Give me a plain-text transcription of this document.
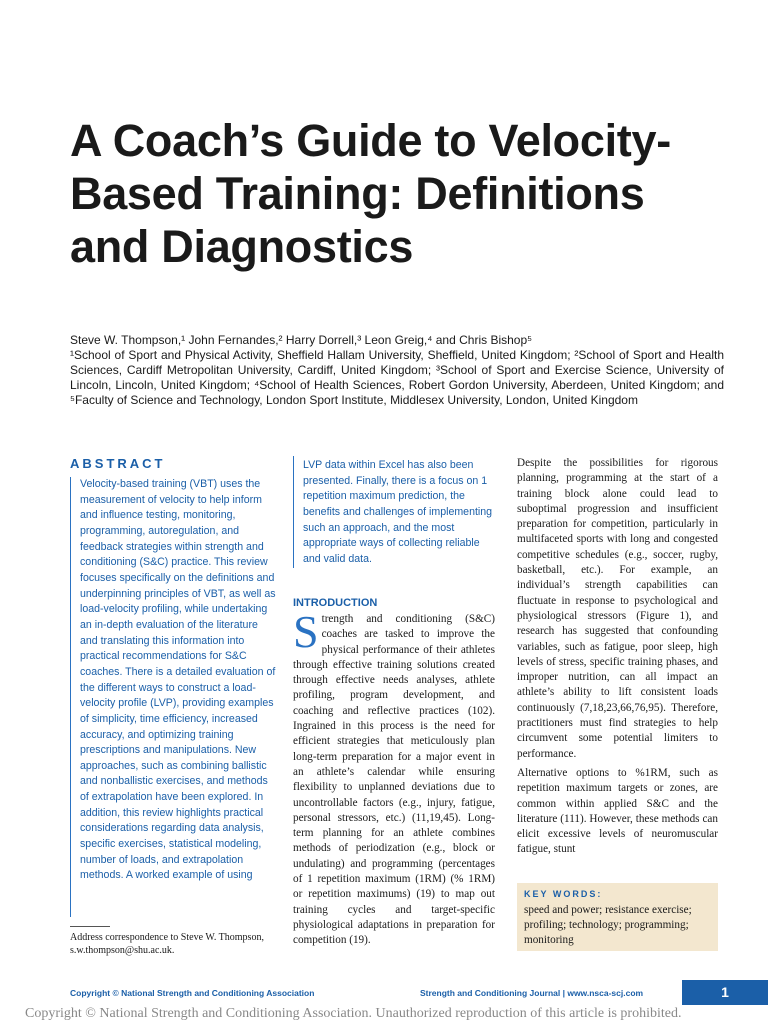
A Coach’s Guide to Velocity-Based Training: Definitions and Diagnostics
Steve W. Thompson,¹ John Fernandes,² Harry Dorrell,³ Leon Greig,⁴ and Chris Bishop⁵
¹School of Sport and Physical Activity, Sheffield Hallam University, Sheffield, United Kingdom; ²School of Sport and Health Sciences, Cardiff Metropolitan University, Cardiff, United Kingdom; ³School of Sport and Exercise Science, University of Lincoln, Lincoln, United Kingdom; ⁴School of Health Sciences, Robert Gordon University, Aberdeen, United Kingdom; and ⁵Faculty of Science and Technology, London Sport Institute, Middlesex University, London, United Kingdom
ABSTRACT
Velocity-based training (VBT) uses the measurement of velocity to help inform and influence testing, monitoring, programming, autoregulation, and feedback strategies within strength and conditioning (S&C) practice. This review focuses specifically on the definitions and underpinning principles of VBT, as well as load-velocity profiling, while undertaking an in-depth evaluation of the literature and translating this information into practical recommendations for S&C coaches. There is a detailed evaluation of the different ways to construct a load-velocity profile (LVP), providing examples of simplicity, time efficiency, increased accuracy, and optimizing training prescriptions and manipulations. New approaches, such as combining ballistic and nonballistic exercises, and methods of extrapolation have been explored. In addition, this review highlights practical considerations regarding data analysis, specific exercises, statistical modeling, number of loads, and extrapolation methods. A worked example of using
LVP data within Excel has also been presented. Finally, there is a focus on 1 repetition maximum prediction, the benefits and challenges of implementing such an approach, and the most appropriate ways of collecting reliable and valid data.
Address correspondence to Steve W. Thompson, s.w.thompson@shu.ac.uk.
INTRODUCTION
Strength and conditioning (S&C) coaches are tasked to improve the physical performance of their athletes through effective training solutions created through effective needs analyses, athlete profiling, program development, and coaching and reflective practices (102). Ingrained in this process is the need for efficient strategies that meticulously plan long-term preparation for a major event in an athlete’s calendar while ensuring flexibility to unplanned deviations due to uncontrollable factors (e.g., injury, fatigue, personal stressors, etc.) (11,19,45). Long-term planning for an athlete combines methods of periodization (e.g., block or undulating) and programming (percentages of 1 repetition maximum (1RM) (% 1RM) or repetition maximums) (19) to map out training cycles and target-specific physiological adaptations in preparation for competition (19).

Despite the possibilities for rigorous planning, programming at the start of a training block alone could lead to suboptimal progression and insufficient preparation for competition, particularly in multifaceted sports with long and congested competitive schedules (e.g., soccer, rugby, basketball, etc.). For example, an individual’s strength capabilities can fluctuate in response to psychological and physiological stressors (Figure 1), and research has suggested that confounding variables, such as fatigue, poor sleep, high levels of stress, specific training phases, and improper nutrition, can all impact an athlete’s ability to lift consistent loads continuously (7,18,23,66,76,95). Therefore, practitioners must find strategies to help circumvent some potential limiters to performance.

Alternative options to %1RM, such as repetition maximum targets or zones, are common within applied S&C and the literature (111). However, these methods can elicit excessive levels of neuromuscular fatigue, stunt

KEY WORDS:
speed and power; resistance exercise; profiling; technology; programming; monitoring
Copyright © National Strength and Conditioning Association	Strength and Conditioning Journal | www.nsca-scj.com	1
Copyright © National Strength and Conditioning Association. Unauthorized reproduction of this article is prohibited.
